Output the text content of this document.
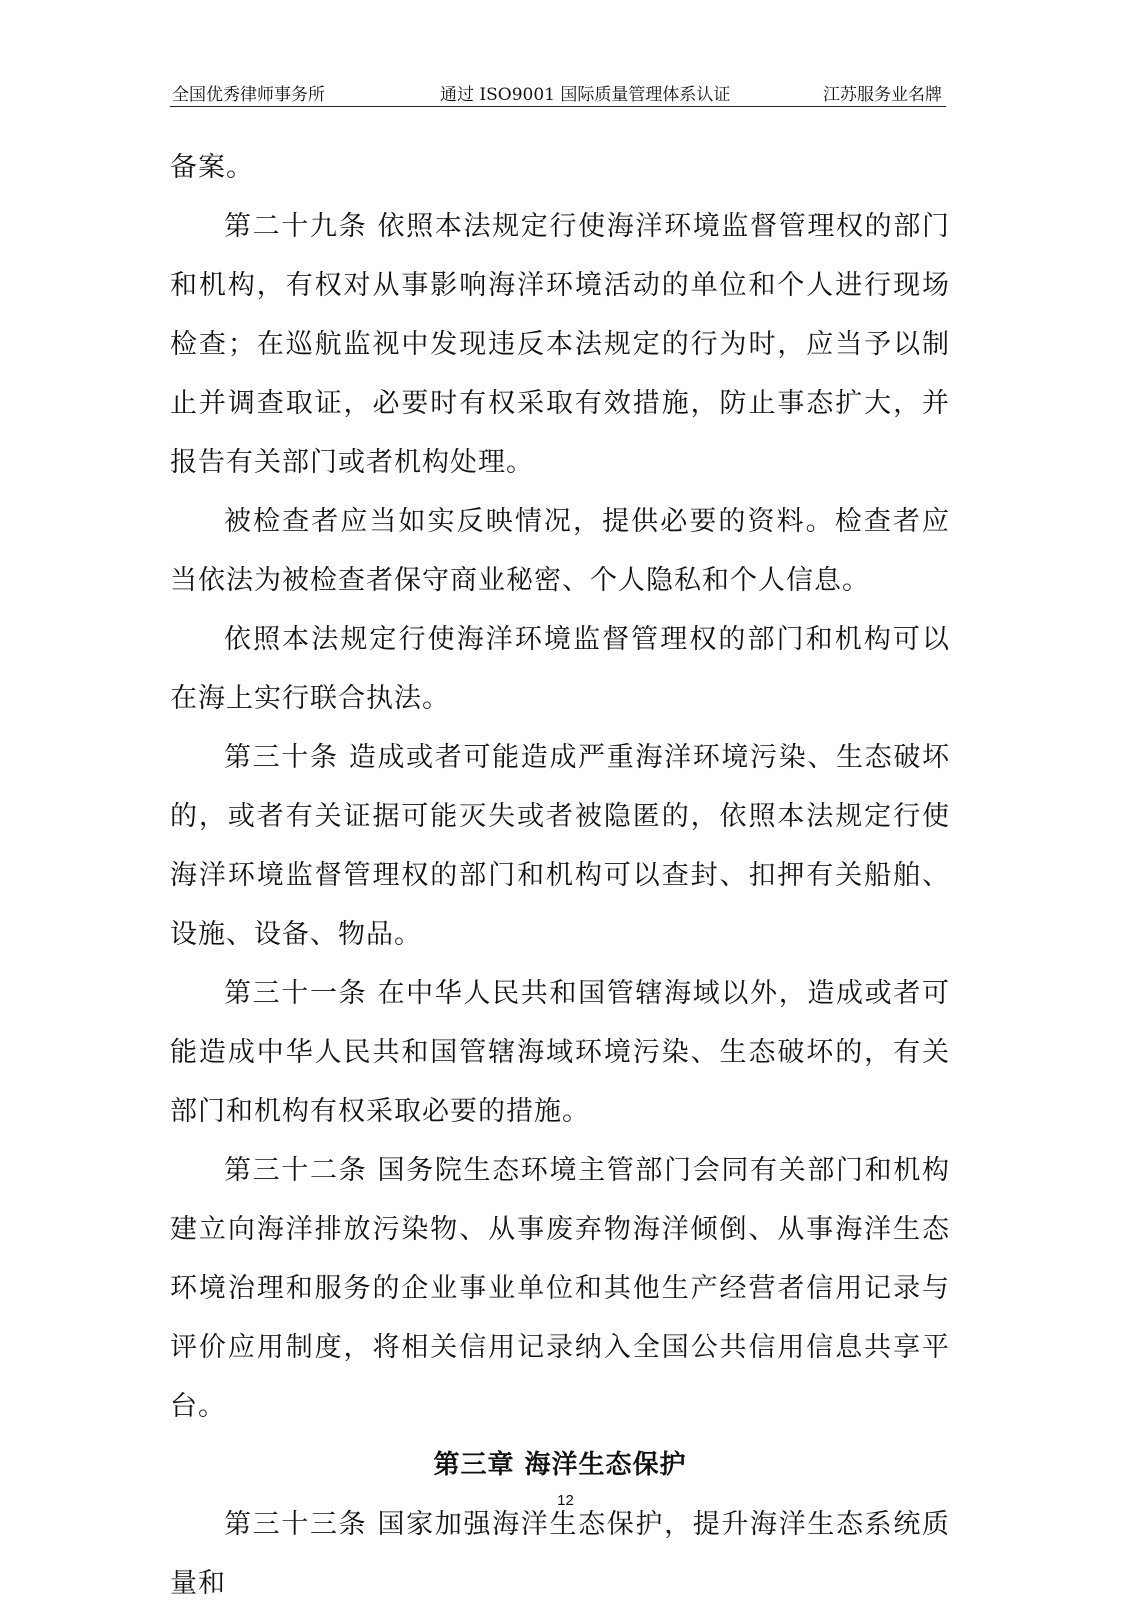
全国优秀律师事务所	通过 ISO9001 国际质量管理体系认证	江苏服务业名牌

备案。

第二十九条 依照本法规定行使海洋环境监督管理权的部门和机构，有权对从事影响海洋环境活动的单位和个人进行现场检查；在巡航监视中发现违反本法规定的行为时，应当予以制止并调查取证，必要时有权采取有效措施，防止事态扩大，并报告有关部门或者机构处理。

被检查者应当如实反映情况，提供必要的资料。检查者应当依法为被检查者保守商业秘密、个人隐私和个人信息。

依照本法规定行使海洋环境监督管理权的部门和机构可以在海上实行联合执法。

第三十条 造成或者可能造成严重海洋环境污染、生态破坏的，或者有关证据可能灭失或者被隐匿的，依照本法规定行使海洋环境监督管理权的部门和机构可以查封、扣押有关船舶、设施、设备、物品。

第三十一条 在中华人民共和国管辖海域以外，造成或者可能造成中华人民共和国管辖海域环境污染、生态破坏的，有关部门和机构有权采取必要的措施。

第三十二条 国务院生态环境主管部门会同有关部门和机构建立向海洋排放污染物、从事废弃物海洋倾倒、从事海洋生态环境治理和服务的企业事业单位和其他生产经营者信用记录与评价应用制度，将相关信用记录纳入全国公共信用信息共享平台。

第三章 海洋生态保护

第三十三条 国家加强海洋生态保护，提升海洋生态系统质量和

12
